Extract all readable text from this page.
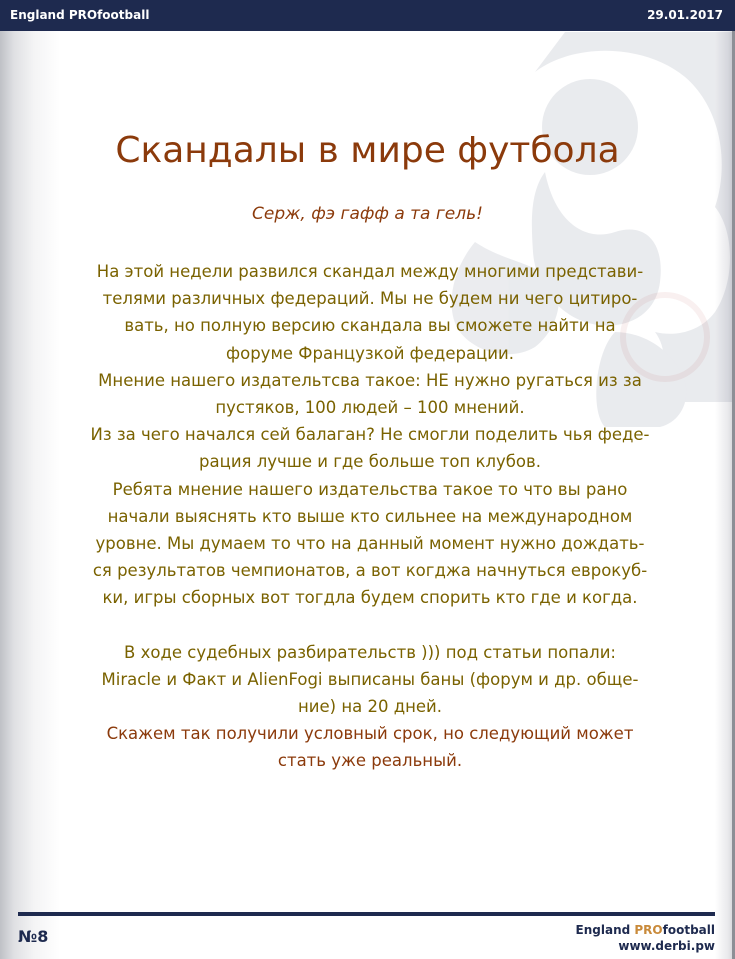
England PROfootball	29.01.2017
Скандалы в мире футбола
Серж, фэ гафф а та гель!
На этой недели развился скандал между многими представи-
телями различных федераций. Мы не будем ни чего цитиро-
вать, но полную версию скандала вы сможете найти на
форуме Французкой федерации.
Мнение нашего издательтсва такое: НЕ нужно ругаться из за
пустяков, 100 людей – 100 мнений.
Из за чего начался сей балаган? Не смогли поделить чья феде-
рация лучше и где больше топ клубов.
Ребята мнение нашего издательства такое то что вы рано
начали выяснять кто выше кто сильнее на международном
уровне. Мы думаем то что на данный момент нужно дождать-
ся результатов чемпионатов, а вот когджа начнуться еврокуб-
ки, игры сборных вот тогдла будем спорить кто где и когда.
В ходе судебных разбирательств ))) под статьи попали:
Miracle и Факт и AlienFogi выписаны баны (форум и др. обще-
ние) на 20 дней.
Скажем так получили условный срок, но следующий может
стать уже реальный.
№8	England PROfootball
www.derbi.pw
